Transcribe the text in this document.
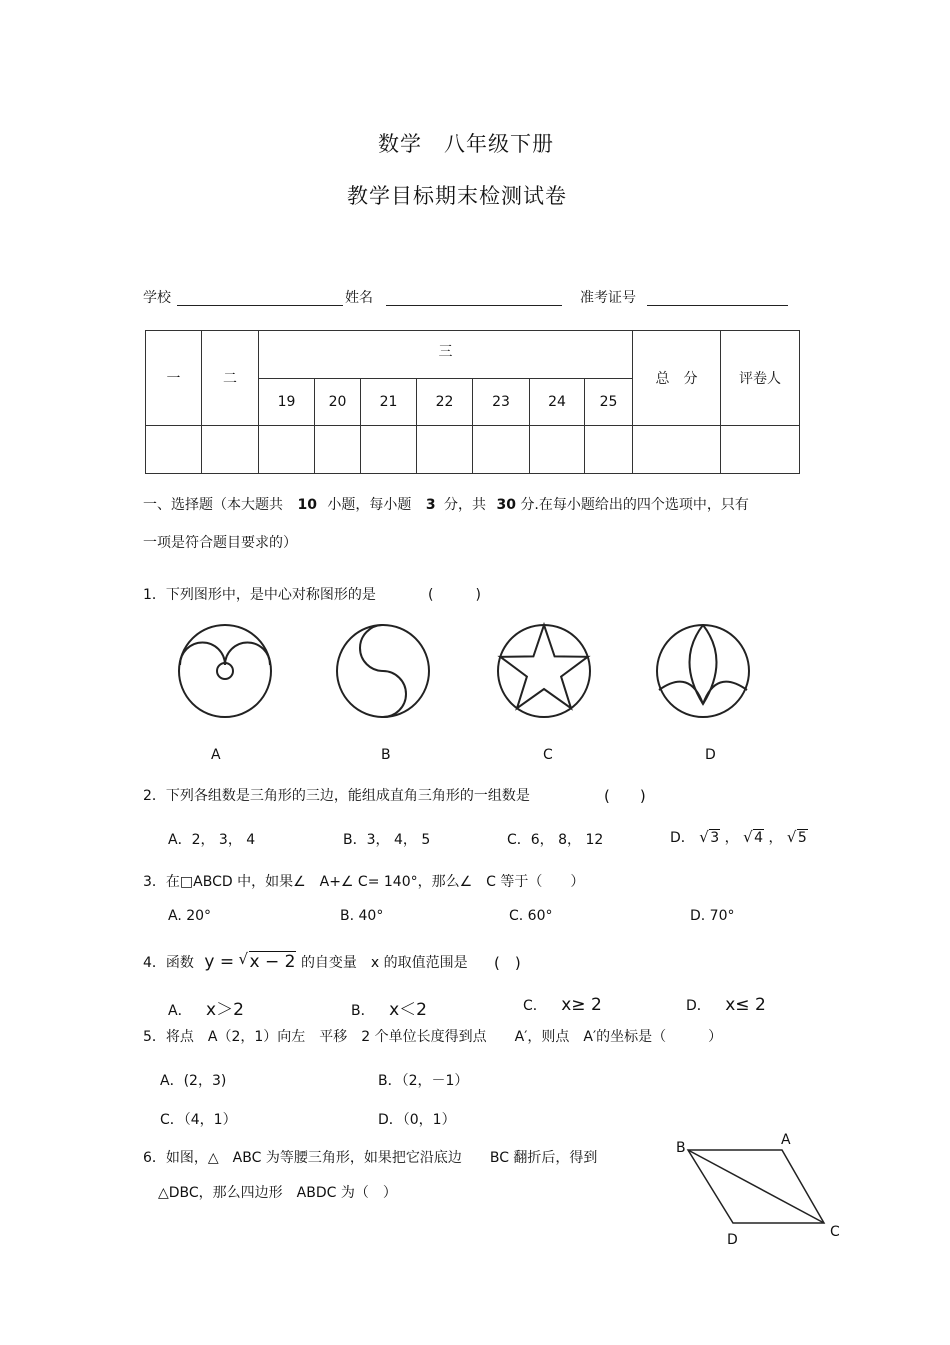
数学　八年级下册
教学目标期末检测试卷
学校	姓名	准考证号
一	二	三							总　分	评卷人
		19	20	21	22	23	24	25		

一、选择题（本大题共 10 小题，每小题 3 分，共 30 分.在每小题给出的四个选项中，只有
一项是符合题目要求的）
1．下列图形中，是中心对称图形的是	(　　　)
A	B	C	D
2．下列各组数是三角形的三边，能组成直角三角形的一组数是	(　　)
A．2， 3， 4	B．3， 4， 5	C．6， 8， 12	D． √ 3 ， √ 4 ， √ 5
3．在□ABCD 中，如果∠　A+∠ C= 140°，那么∠　C 等于（　　）
A. 20°	B. 40°	C. 60°	D. 70°
4．函数 y = √ x − 2 的自变量　x 的取值范围是 (　)
A． x＞2	B． x＜2	C． x≥ 2	D． x≤ 2
5．将点　A（2，1）向左　平移　2 个单位长度得到点　　A′，则点　A′的坐标是（　　　）
A．(2，3)	B．（2，－1）
C．（4，1）	D．（0，1）
6．如图，△　ABC 为等腰三角形，如果把它沿底边　　BC 翻折后，得到
△DBC，那么四边形　ABDC 为（　）
B	A
C
D
